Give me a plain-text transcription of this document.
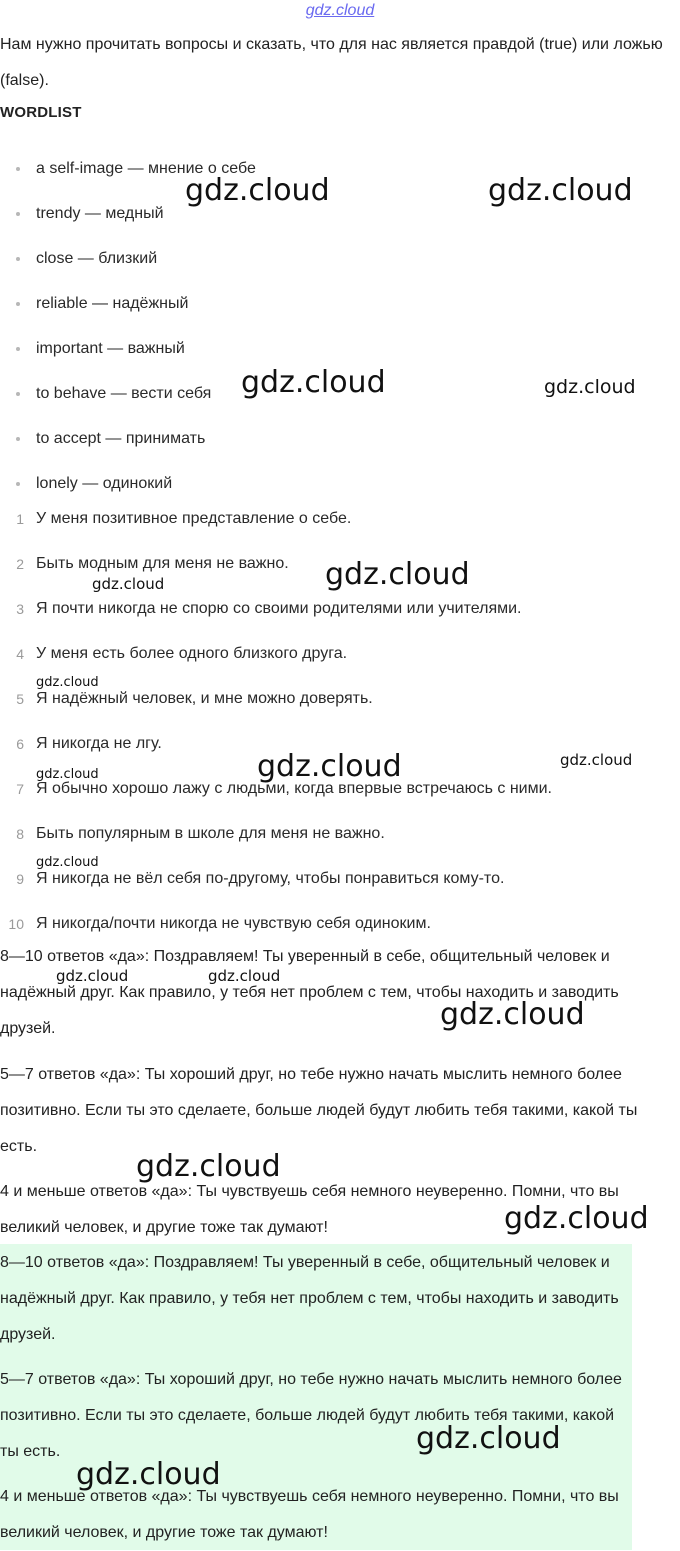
gdz.cloud
Нам нужно прочитать вопросы и сказать, что для нас является правдой (true) или ложью (false).
WORDLIST
a self-image — мнение о себе
trendy — медный
close — близкий
reliable — надёжный
important — важный
to behave — вести себя
to accept — принимать
lonely — одинокий
1 У меня позитивное представление о себе.
2 Быть модным для меня не важно.
3 Я почти никогда не спорю со своими родителями или учителями.
4 У меня есть более одного близкого друга.
5 Я надёжный человек, и мне можно доверять.
6 Я никогда не лгу.
7 Я обычно хорошо лажу с людьми, когда впервые встречаюсь с ними.
8 Быть популярным в школе для меня не важно.
9 Я никогда не вёл себя по-другому, чтобы понравиться кому-то.
10 Я никогда/почти никогда не чувствую себя одиноким.
8—10 ответов «да»: Поздравляем! Ты уверенный в себе, общительный человек и надёжный друг. Как правило, у тебя нет проблем с тем, чтобы находить и заводить друзей.
5—7 ответов «да»: Ты хороший друг, но тебе нужно начать мыслить немного более позитивно. Если ты это сделаете, больше людей будут любить тебя такими, какой ты есть.
4 и меньше ответов «да»: Ты чувствуешь себя немного неуверенно. Помни, что вы великий человек, и другие тоже так думают!
8—10 ответов «да»: Поздравляем! Ты уверенный в себе, общительный человек и надёжный друг. Как правило, у тебя нет проблем с тем, чтобы находить и заводить друзей.
5—7 ответов «да»: Ты хороший друг, но тебе нужно начать мыслить немного более позитивно. Если ты это сделаете, больше людей будут любить тебя такими, какой ты есть.
4 и меньше ответов «да»: Ты чувствуешь себя немного неуверенно. Помни, что вы великий человек, и другие тоже так думают!
gdz.cloud	gdz.cloud
gdz.cloud	gdz.cloud
gdz.cloud
gdz.cloud
gdz.cloud
gdz.cloud	gdz.cloud
gdz.cloud
gdz.cloud
gdz.cloud	gdz.cloud
gdz.cloud
gdz.cloud
gdz.cloud
gdz.cloud
gdz.cloud
